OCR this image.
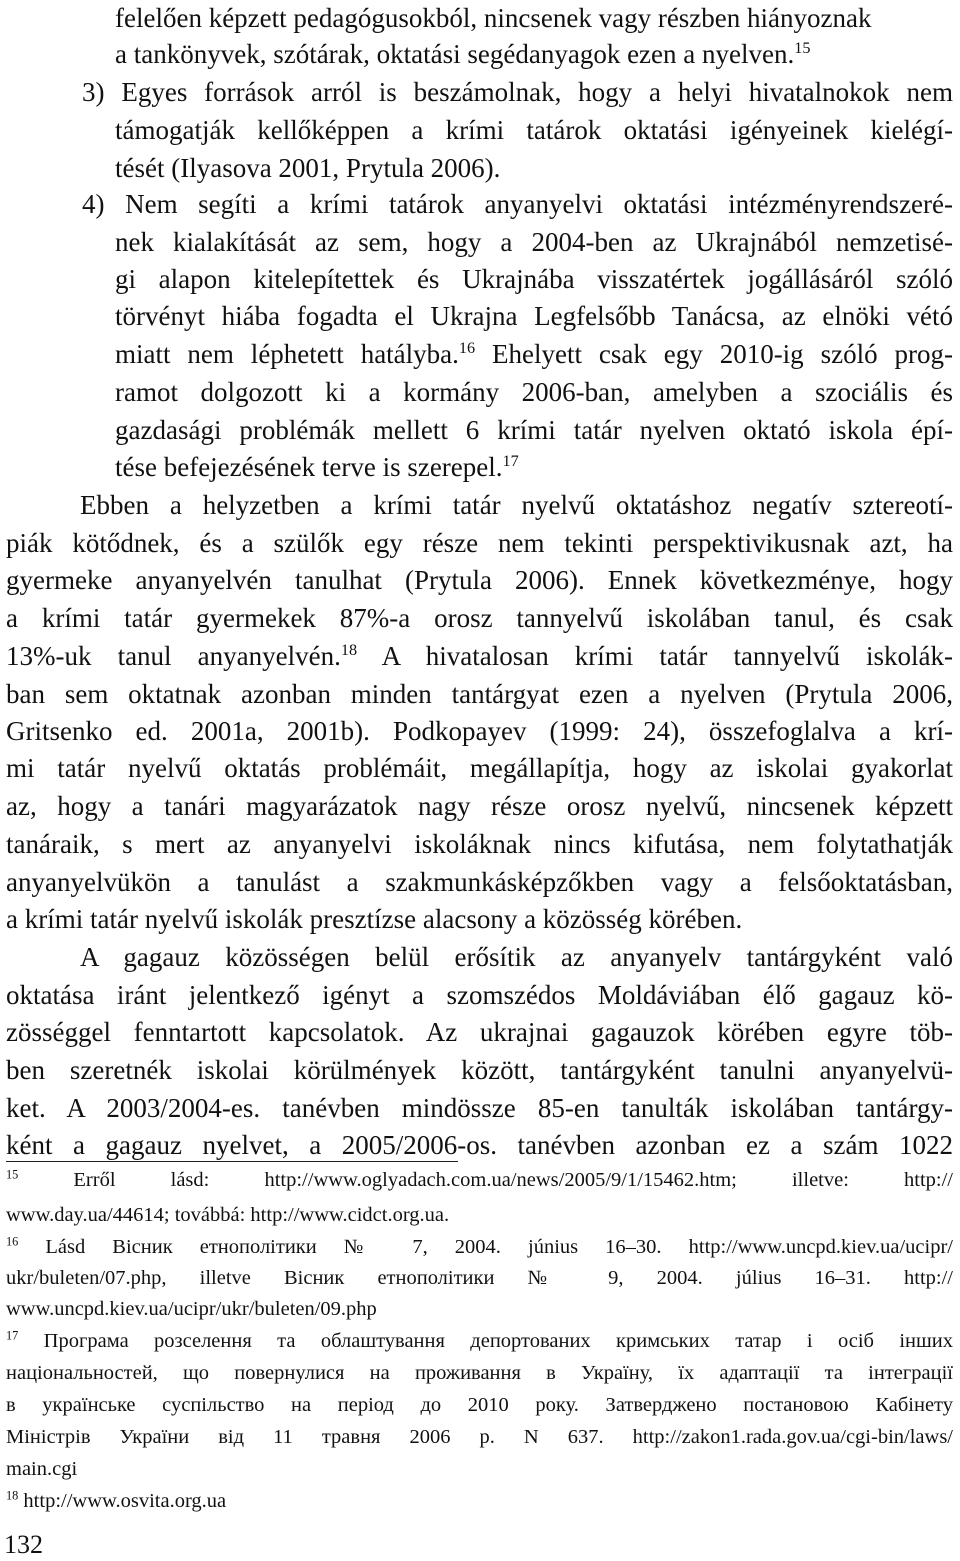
felelően képzett pedagógusokból, nincsenek vagy részben hiányoznak
a tankönyvek, szótárak, oktatási segédanyagok ezen a nyelven.$^{15}$
3) Egyes források arról is beszámolnak, hogy a helyi hivatalnokok nem
támogatják kellőképpen a krími tatárok oktatási igényeinek kielégí-
tését (Ilyasova 2001, Prytula 2006).
4) Nem segíti a krími tatárok anyanyelvi oktatási intézményrendszeré-
nek kialakítását az sem, hogy a 2004-ben az Ukrajnából nemzetisé-
gi alapon kitelepítettek és Ukrajnába visszatértek jogállásáról szóló
törvényt hiába fogadta el Ukrajna Legfelsőbb Tanácsa, az elnöki vétó
miatt nem léphetett hatályba.$^{16}$ Ehelyett csak egy 2010-ig szóló prog-
ramot dolgozott ki a kormány 2006-ban, amelyben a szociális és
gazdasági problémák mellett 6 krími tatár nyelven oktató iskola épí-
tése befejezésének terve is szerepel.$^{17}$
Ebben a helyzetben a krími tatár nyelvű oktatáshoz negatív sztereotí-
piák kötődnek, és a szülők egy része nem tekinti perspektivikusnak azt, ha
gyermeke anyanyelvén tanulhat (Prytula 2006). Ennek következménye, hogy
a krími tatár gyermekek 87%-a orosz tannyelvű iskolában tanul, és csak
13%-uk tanul anyanyelvén.$^{18}$ A hivatalosan krími tatár tannyelvű iskolák-
ban sem oktatnak azonban minden tantárgyat ezen a nyelven (Prytula 2006,
Gritsenko ed. 2001a, 2001b). Podkopayev (1999: 24), összefoglalva a krí-
mi tatár nyelvű oktatás problémáit, megállapítja, hogy az iskolai gyakorlat
az, hogy a tanári magyarázatok nagy része orosz nyelvű, nincsenek képzett
tanáraik, s mert az anyanyelvi iskoláknak nincs kifutása, nem folytathatják
anyanyelvükön a tanulást a szakmunkásképzőkben vagy a felsőoktatásban,
a krími tatár nyelvű iskolák presztízse alacsony a közösség körében.
A gagauz közösségen belül erősítik az anyanyelv tantárgyként való
oktatása iránt jelentkező igényt a szomszédos Moldáviában élő gagauz kö-
zösséggel fenntartott kapcsolatok. Az ukrajnai gagauzok körében egyre töb-
ben szeretnék iskolai körülmények között, tantárgyként tanulni anyanyelvü-
ket. A 2003/2004-es. tanévben mindössze 85-en tanulták iskolában tantárgy-
ként a gagauz nyelvet, a 2005/2006-os. tanévben azonban ez a szám 1022
$^{15}$ Erről lásd: http://www.oglyadach.com.ua/news/2005/9/1/15462.htm; illetve: http://
www.day.ua/44614; továbbá: http://www.cidct.org.ua.
$^{16}$ Lásd Вісник етнополітики № 7, 2004. június 16–30. http://www.uncpd.kiev.ua/ucipr/
ukr/buleten/07.php, illetve Вісник етнополітики № 9, 2004. július 16–31. http://
www.uncpd.kiev.ua/ucipr/ukr/buleten/09.php
$^{17}$ Програма розселення та облаштування депортованих кримських татар і осіб інших
національностей, що повернулися на проживання в Україну, їх адаптації та інтеграції
в українське суспільство на період до 2010 року. Затверджено постановою Кабінету
Міністрів України від 11 травня 2006 р. N 637. http://zakon1.rada.gov.ua/cgi-bin/laws/
main.cgi
$^{18}$ http://www.osvita.org.ua
132
